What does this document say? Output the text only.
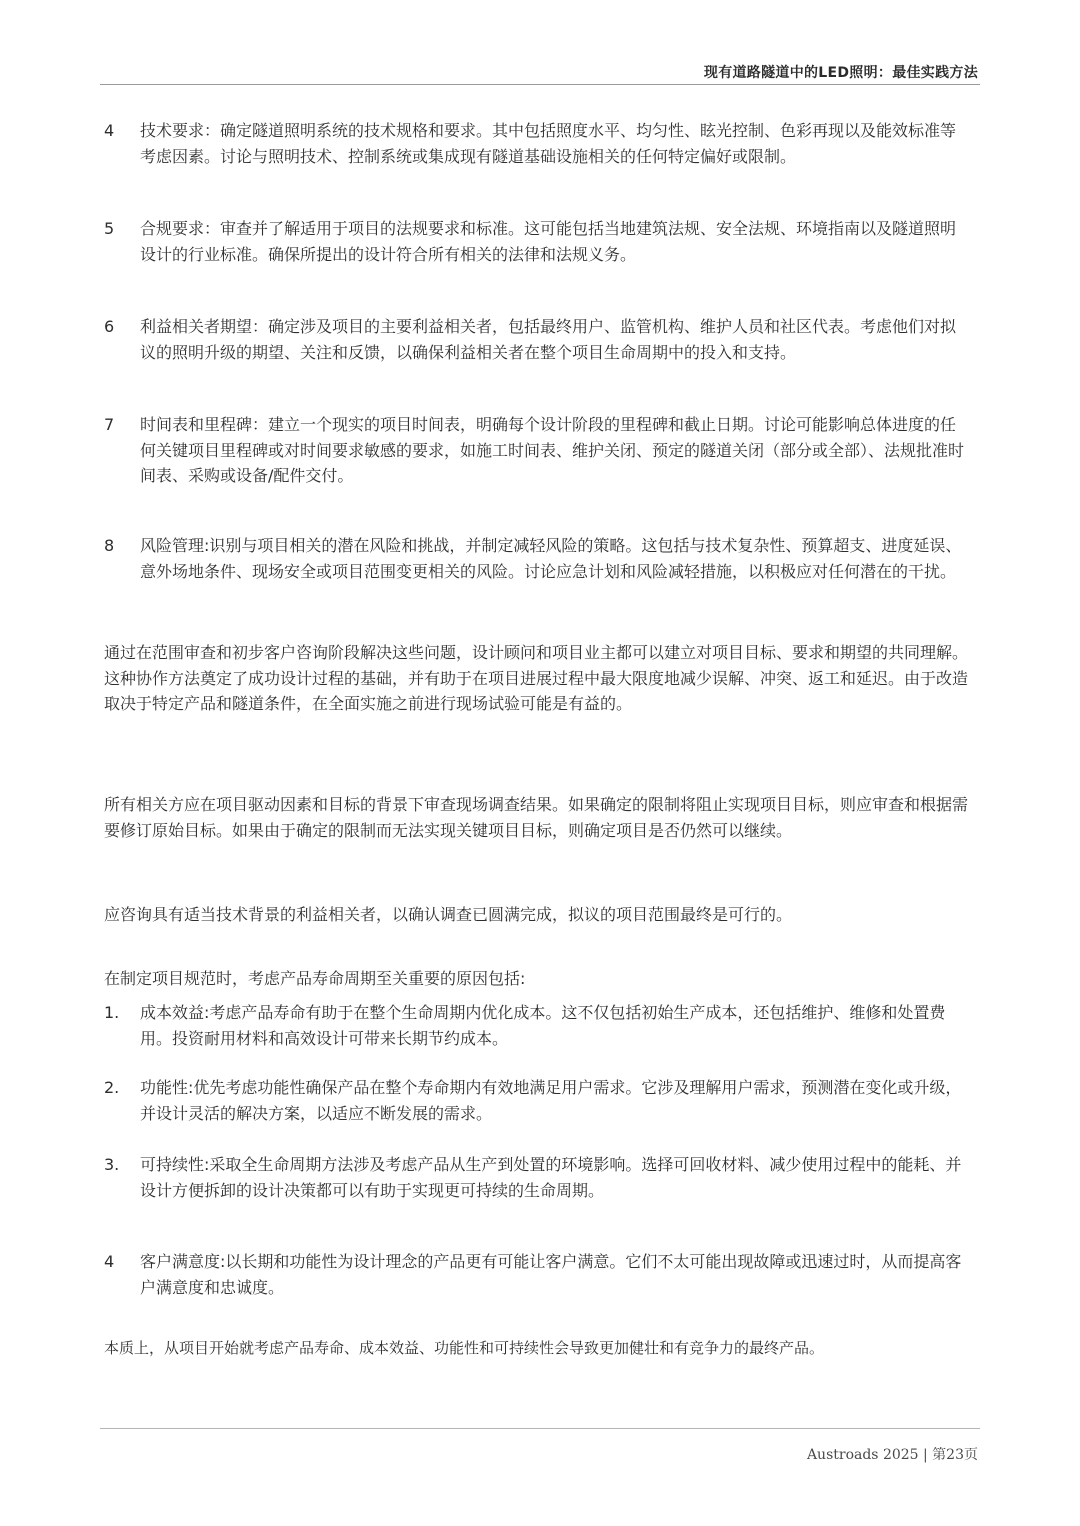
现有道路隧道中的LED照明：最佳实践方法
4	技术要求：确定隧道照明系统的技术规格和要求。其中包括照度水平、均匀性、眩光控制、色彩再现以及能效标准等考虑因素。讨论与照明技术、控制系统或集成现有隧道基础设施相关的任何特定偏好或限制。
5	合规要求：审查并了解适用于项目的法规要求和标准。这可能包括当地建筑法规、安全法规、环境指南以及隧道照明设计的行业标准。确保所提出的设计符合所有相关的法律和法规义务。
6	利益相关者期望：确定涉及项目的主要利益相关者，包括最终用户、监管机构、维护人员和社区代表。考虑他们对拟议的照明升级的期望、关注和反馈，以确保利益相关者在整个项目生命周期中的投入和支持。
7	时间表和里程碑：建立一个现实的项目时间表，明确每个设计阶段的里程碑和截止日期。讨论可能影响总体进度的任何关键项目里程碑或对时间要求敏感的要求，如施工时间表、维护关闭、预定的隧道关闭（部分或全部）、法规批准时间表、采购或设备/配件交付。
8	风险管理:识别与项目相关的潜在风险和挑战，并制定减轻风险的策略。这包括与技术复杂性、预算超支、进度延误、意外场地条件、现场安全或项目范围变更相关的风险。讨论应急计划和风险减轻措施，以积极应对任何潜在的干扰。
通过在范围审查和初步客户咨询阶段解决这些问题，设计顾问和项目业主都可以建立对项目目标、要求和期望的共同理解。这种协作方法奠定了成功设计过程的基础，并有助于在项目进展过程中最大限度地减少误解、冲突、返工和延迟。由于改造取决于特定产品和隧道条件，在全面实施之前进行现场试验可能是有益的。
所有相关方应在项目驱动因素和目标的背景下审查现场调查结果。如果确定的限制将阻止实现项目目标，则应审查和根据需要修订原始目标。如果由于确定的限制而无法实现关键项目目标，则确定项目是否仍然可以继续。
应咨询具有适当技术背景的利益相关者，以确认调查已圆满完成，拟议的项目范围最终是可行的。
在制定项目规范时，考虑产品寿命周期至关重要的原因包括:
1.	成本效益:考虑产品寿命有助于在整个生命周期内优化成本。这不仅包括初始生产成本，还包括维护、维修和处置费用。投资耐用材料和高效设计可带来长期节约成本。
2.	功能性:优先考虑功能性确保产品在整个寿命期内有效地满足用户需求。它涉及理解用户需求，预测潜在变化或升级，并设计灵活的解决方案，以适应不断发展的需求。
3.	可持续性:采取全生命周期方法涉及考虑产品从生产到处置的环境影响。选择可回收材料、减少使用过程中的能耗、并设计方便拆卸的设计决策都可以有助于实现更可持续的生命周期。
4	客户满意度:以长期和功能性为设计理念的产品更有可能让客户满意。它们不太可能出现故障或迅速过时，从而提高客户满意度和忠诚度。
本质上，从项目开始就考虑产品寿命、成本效益、功能性和可持续性会导致更加健壮和有竞争力的最终产品。
Austroads 2025 | 第23页
